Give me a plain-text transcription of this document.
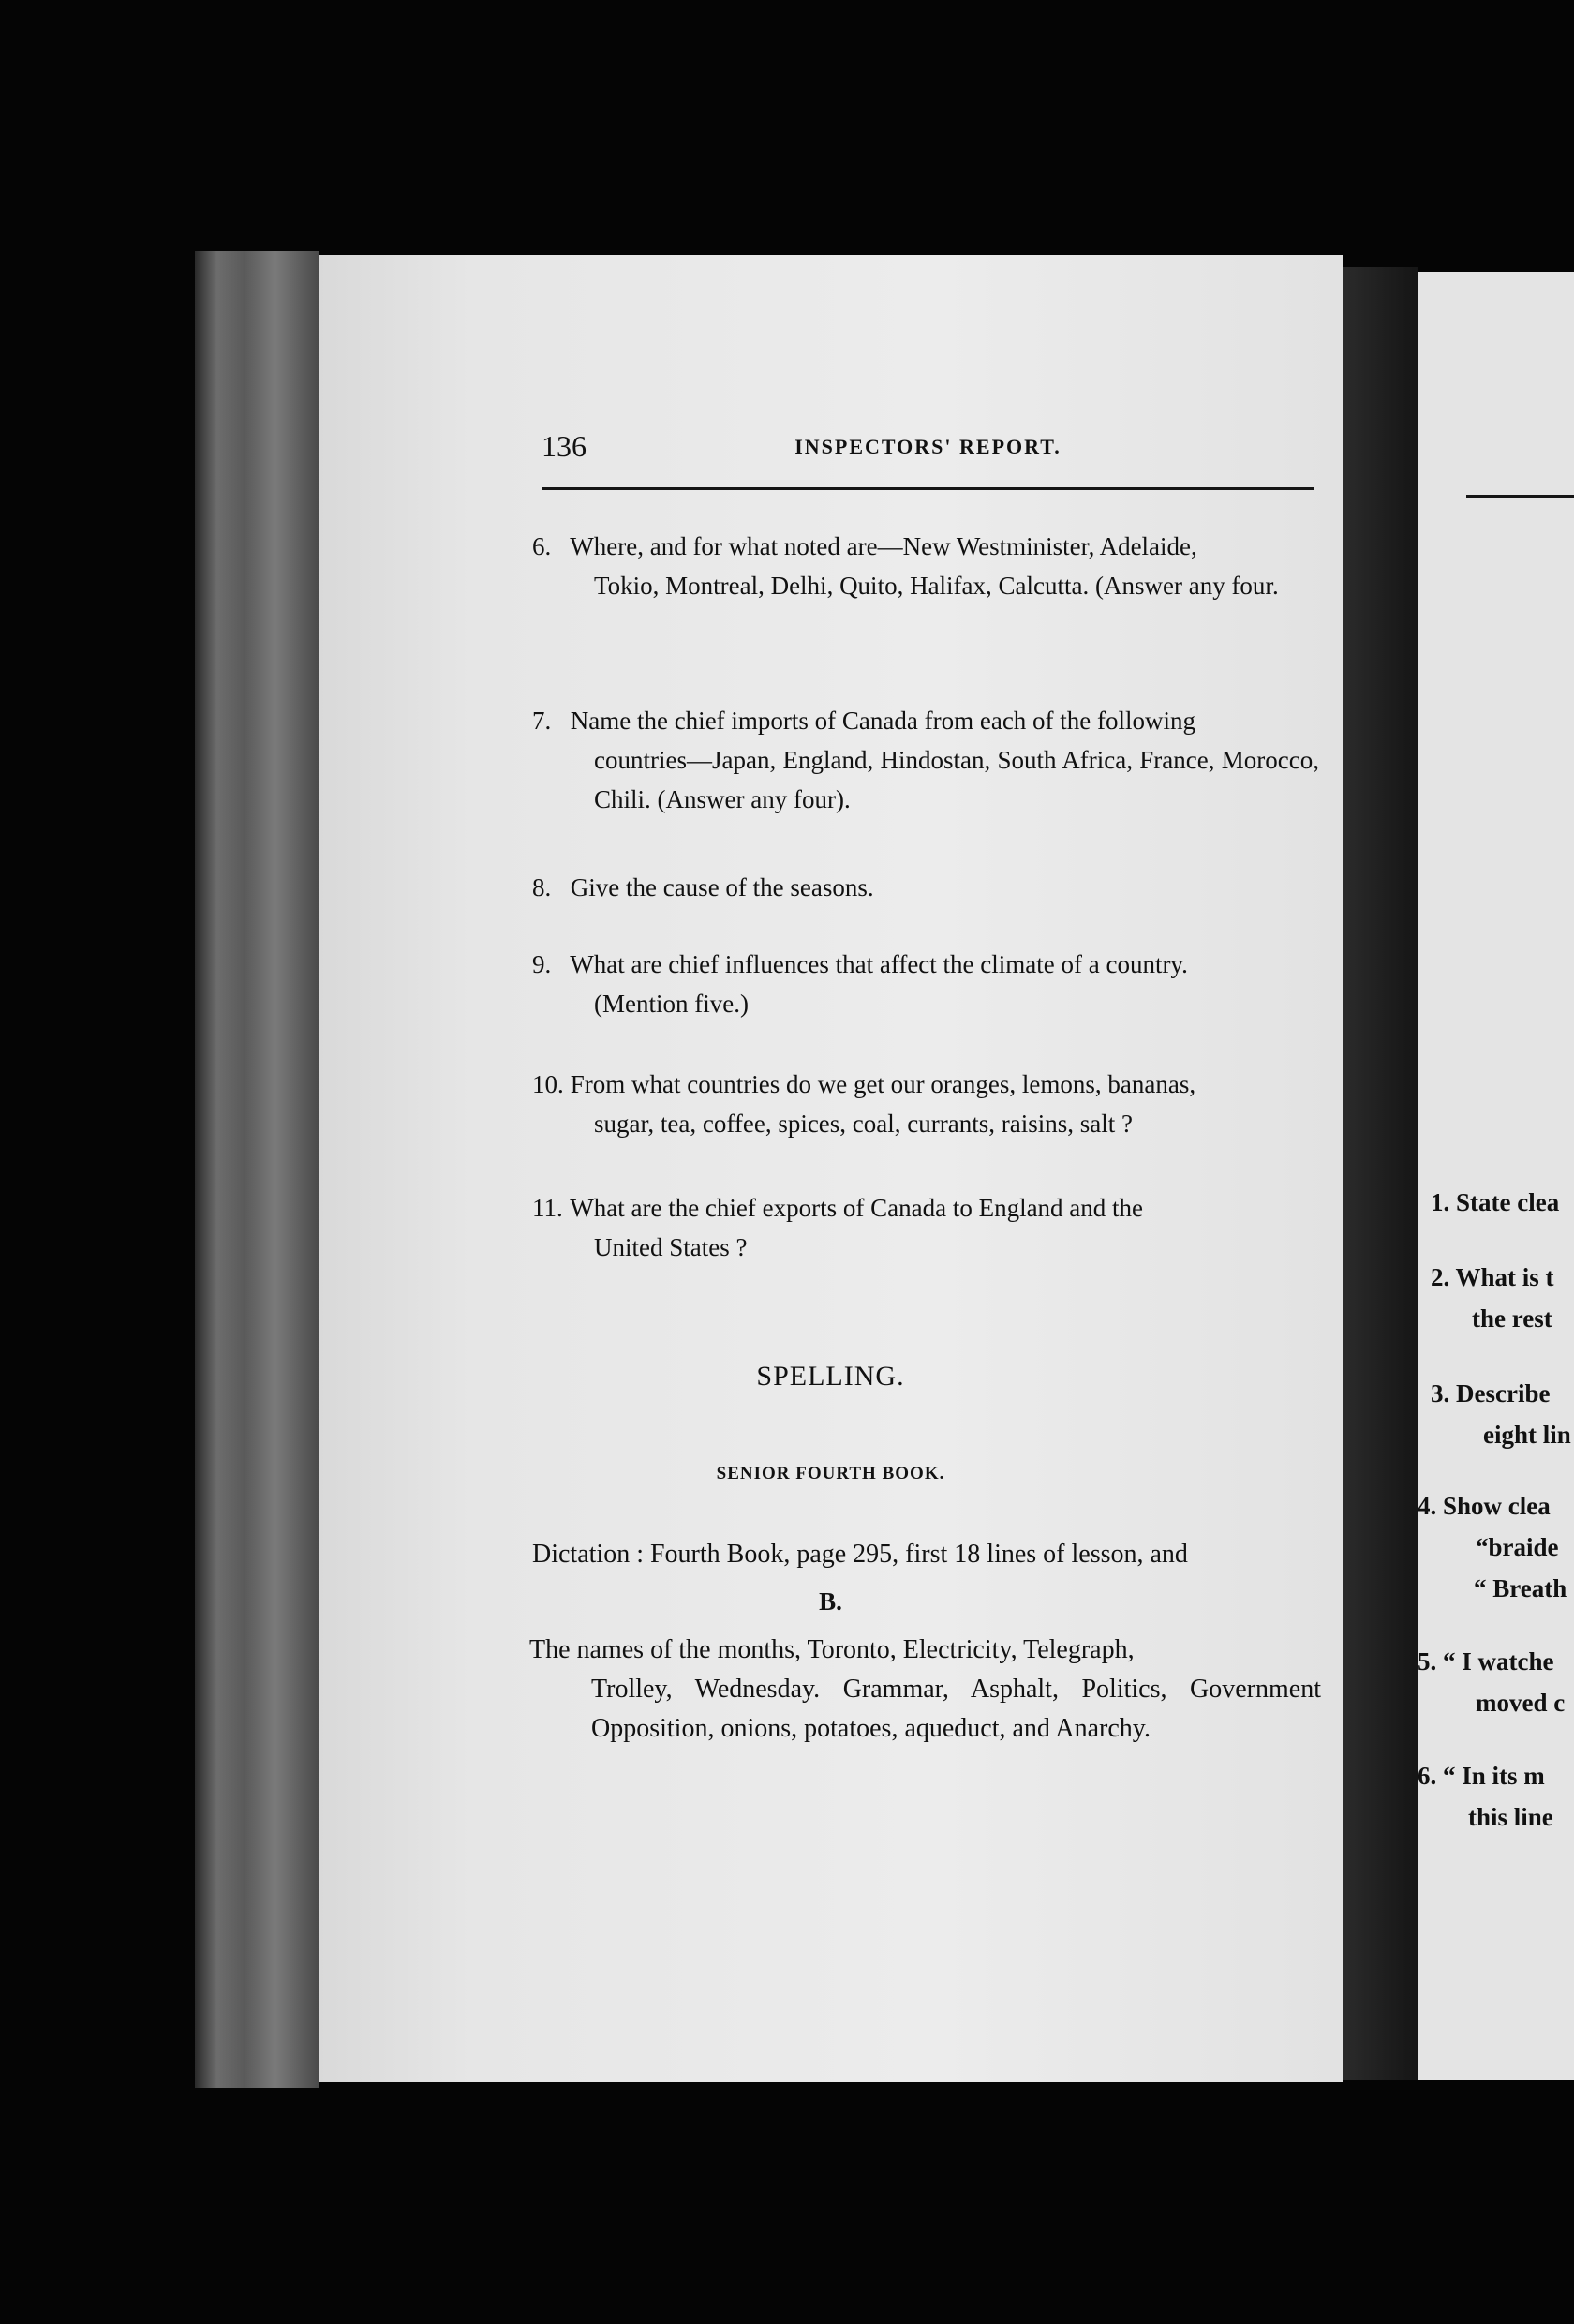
136	INSPECTORS' REPORT.
6. Where, and for what noted are—New Westminister, Adelaide,
Tokio, Montreal, Delhi, Quito, Halifax, Calcutta. (Answer any four.
7. Name the chief imports of Canada from each of the following
countries—Japan, England, Hindostan, South Africa, France, Morocco, Chili. (Answer any four).
8. Give the cause of the seasons.
9. What are chief influences that affect the climate of a country.
(Mention five.)
10. From what countries do we get our oranges, lemons, bananas,
sugar, tea, coffee, spices, coal, currants, raisins, salt ?
11. What are the chief exports of Canada to England and the
United States ?
SPELLING.
SENIOR FOURTH BOOK.
Dictation : Fourth Book, page 295, first 18 lines of lesson, and
B.
The names of the months, Toronto, Electricity, Telegraph,
Trolley, Wednesday. Grammar, Asphalt, Politics, Government Opposition, onions, potatoes, aqueduct, and Anarchy.
1. State clea
2. What is t
the rest
3. Describe
eight lin
4. Show clea
“braide
“ Breath
5. “ I watche
moved c
6. “ In its m
this line
